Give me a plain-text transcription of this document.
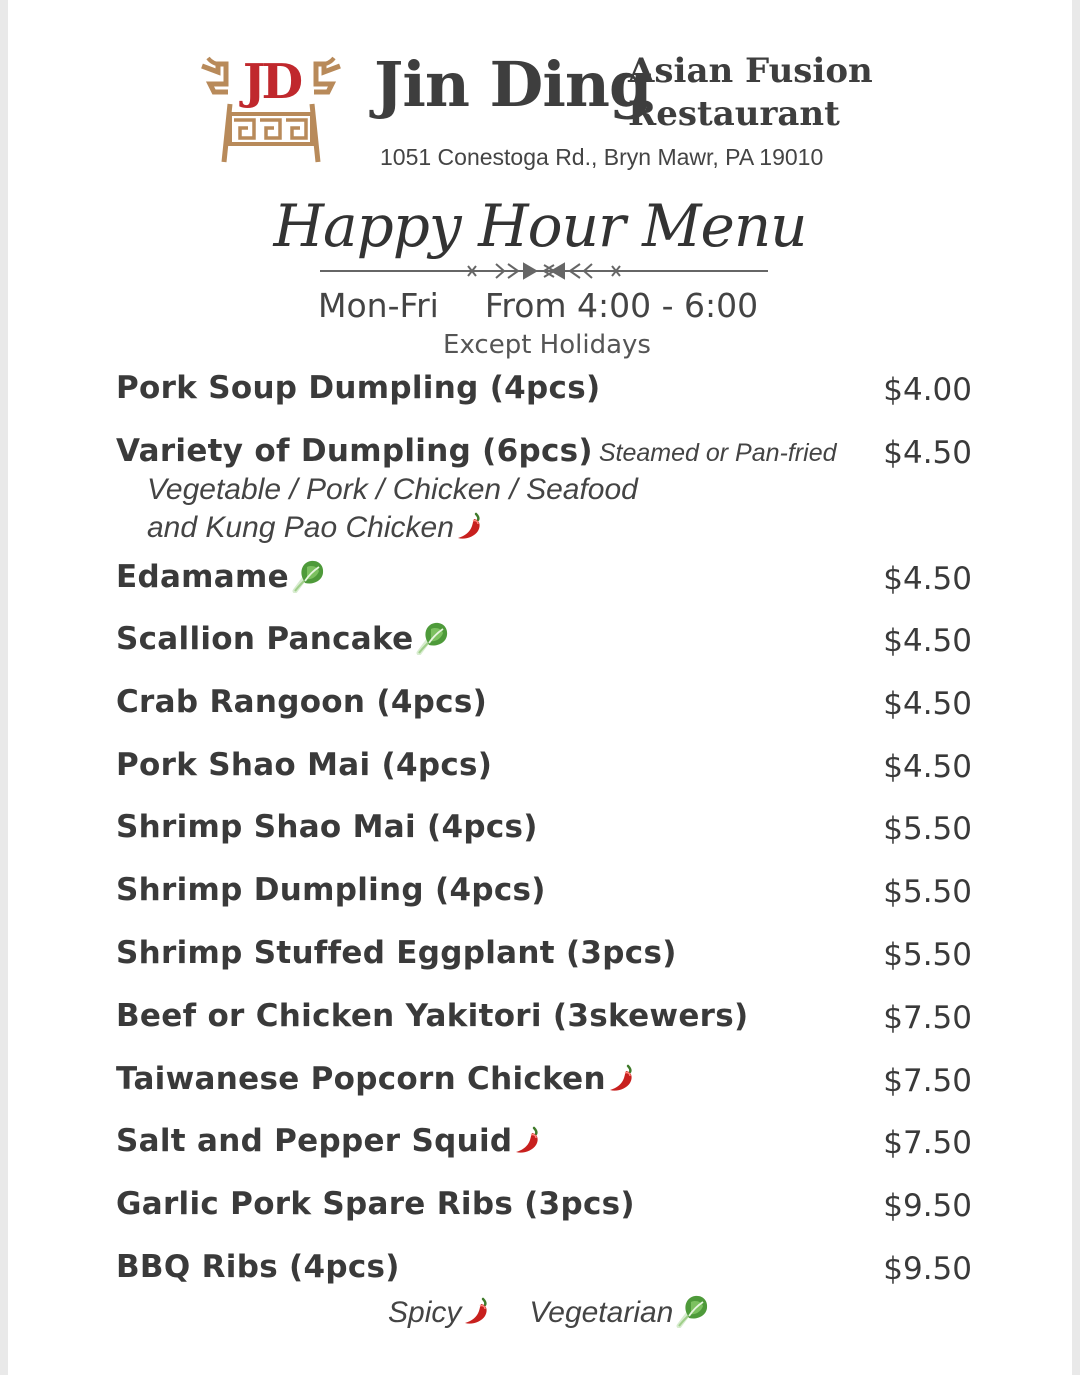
JD Jin Ding
Asian Fusion
Restaurant
1051 Conestoga Rd., Bryn Mawr, PA 19010
Happy Hour Menu
Mon-Fri From 4:00 - 6:00
Except Holidays
Pork Soup Dumpling (4pcs)	$4.00
Variety of Dumpling (6pcs) Steamed or Pan-fried $4.50
Vegetable / Pork / Chicken / Seafood
and Kung Pao Chicken
Edamame	$4.50
Scallion Pancake	$4.50
Crab Rangoon (4pcs)	$4.50
Pork Shao Mai (4pcs)	$4.50
Shrimp Shao Mai (4pcs)	$5.50
Shrimp Dumpling (4pcs)	$5.50
Shrimp Stuffed Eggplant (3pcs)	$5.50
Beef or Chicken Yakitori (3skewers)	$7.50
Taiwanese Popcorn Chicken	$7.50
Salt and Pepper Squid	$7.50
Garlic Pork Spare Ribs (3pcs)	$9.50
BBQ Ribs (4pcs)	$9.50
Spicy Vegetarian
